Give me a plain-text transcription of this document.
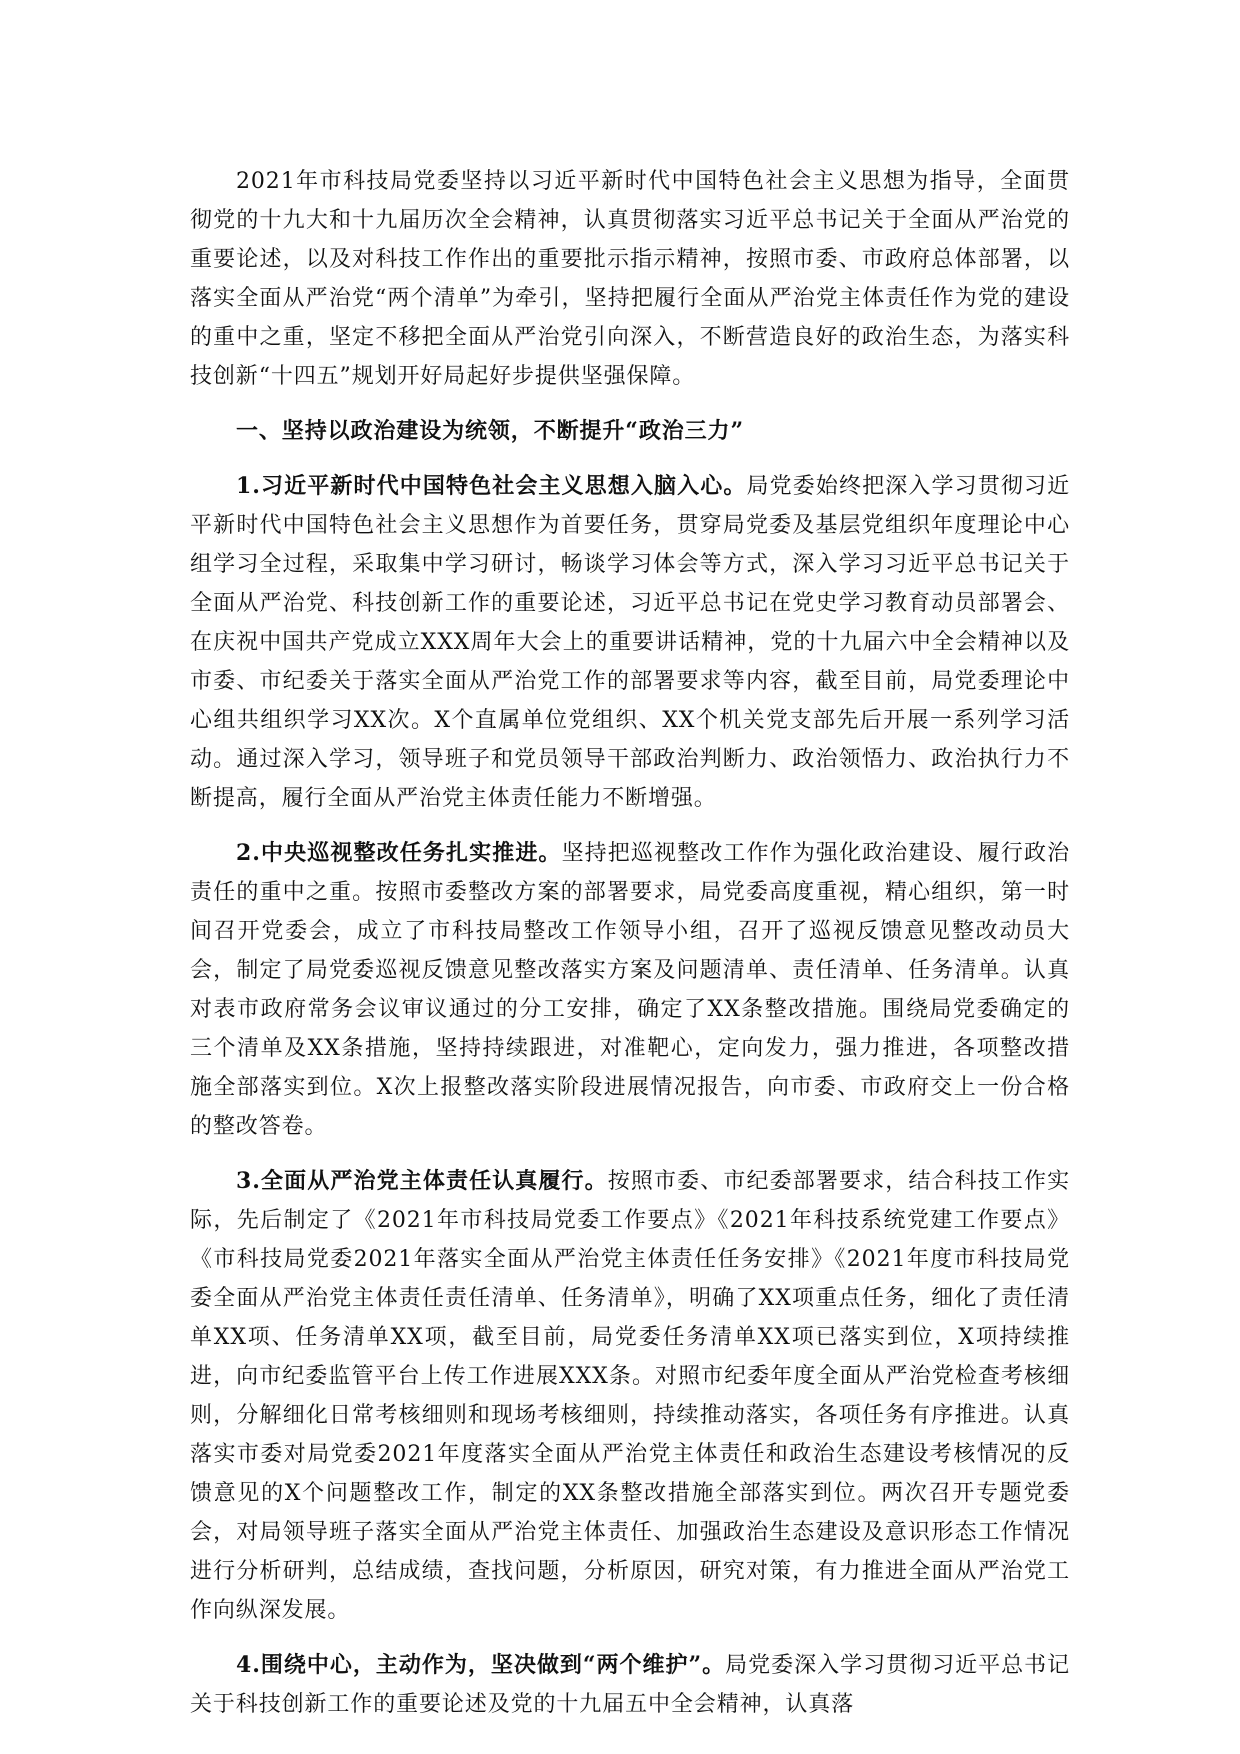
2021年市科技局党委坚持以习近平新时代中国特色社会主义思想为指导，全面贯彻党的十九大和十九届历次全会精神，认真贯彻落实习近平总书记关于全面从严治党的重要论述，以及对科技工作作出的重要批示指示精神，按照市委、市政府总体部署，以落实全面从严治党“两个清单”为牵引，坚持把履行全面从严治党主体责任作为党的建设的重中之重，坚定不移把全面从严治党引向深入，不断营造良好的政治生态，为落实科技创新“十四五”规划开好局起好步提供坚强保障。

一、坚持以政治建设为统领，不断提升“政治三力”

1.习近平新时代中国特色社会主义思想入脑入心。局党委始终把深入学习贯彻习近平新时代中国特色社会主义思想作为首要任务，贯穿局党委及基层党组织年度理论中心组学习全过程，采取集中学习研讨，畅谈学习体会等方式，深入学习习近平总书记关于全面从严治党、科技创新工作的重要论述，习近平总书记在党史学习教育动员部署会、在庆祝中国共产党成立XXX周年大会上的重要讲话精神，党的十九届六中全会精神以及市委、市纪委关于落实全面从严治党工作的部署要求等内容，截至目前，局党委理论中心组共组织学习XX次。X个直属单位党组织、XX个机关党支部先后开展一系列学习活动。通过深入学习，领导班子和党员领导干部政治判断力、政治领悟力、政治执行力不断提高，履行全面从严治党主体责任能力不断增强。

2.中央巡视整改任务扎实推进。坚持把巡视整改工作作为强化政治建设、履行政治责任的重中之重。按照市委整改方案的部署要求，局党委高度重视，精心组织，第一时间召开党委会，成立了市科技局整改工作领导小组，召开了巡视反馈意见整改动员大会，制定了局党委巡视反馈意见整改落实方案及问题清单、责任清单、任务清单。认真对表市政府常务会议审议通过的分工安排，确定了XX条整改措施。围绕局党委确定的三个清单及XX条措施，坚持持续跟进，对准靶心，定向发力，强力推进，各项整改措施全部落实到位。X次上报整改落实阶段进展情况报告，向市委、市政府交上一份合格的整改答卷。

3.全面从严治党主体责任认真履行。按照市委、市纪委部署要求，结合科技工作实际，先后制定了《2021年市科技局党委工作要点》《2021年科技系统党建工作要点》《市科技局党委2021年落实全面从严治党主体责任任务安排》《2021年度市科技局党委全面从严治党主体责任责任清单、任务清单》，明确了XX项重点任务，细化了责任清单XX项、任务清单XX项，截至目前，局党委任务清单XX项已落实到位，X项持续推进，向市纪委监管平台上传工作进展XXX条。对照市纪委年度全面从严治党检查考核细则，分解细化日常考核细则和现场考核细则，持续推动落实，各项任务有序推进。认真落实市委对局党委2021年度落实全面从严治党主体责任和政治生态建设考核情况的反馈意见的X个问题整改工作，制定的XX条整改措施全部落实到位。两次召开专题党委会，对局领导班子落实全面从严治党主体责任、加强政治生态建设及意识形态工作情况进行分析研判，总结成绩，查找问题，分析原因，研究对策，有力推进全面从严治党工作向纵深发展。

4.围绕中心，主动作为，坚决做到“两个维护”。局党委深入学习贯彻习近平总书记关于科技创新工作的重要论述及党的十九届五中全会精神，认真落
